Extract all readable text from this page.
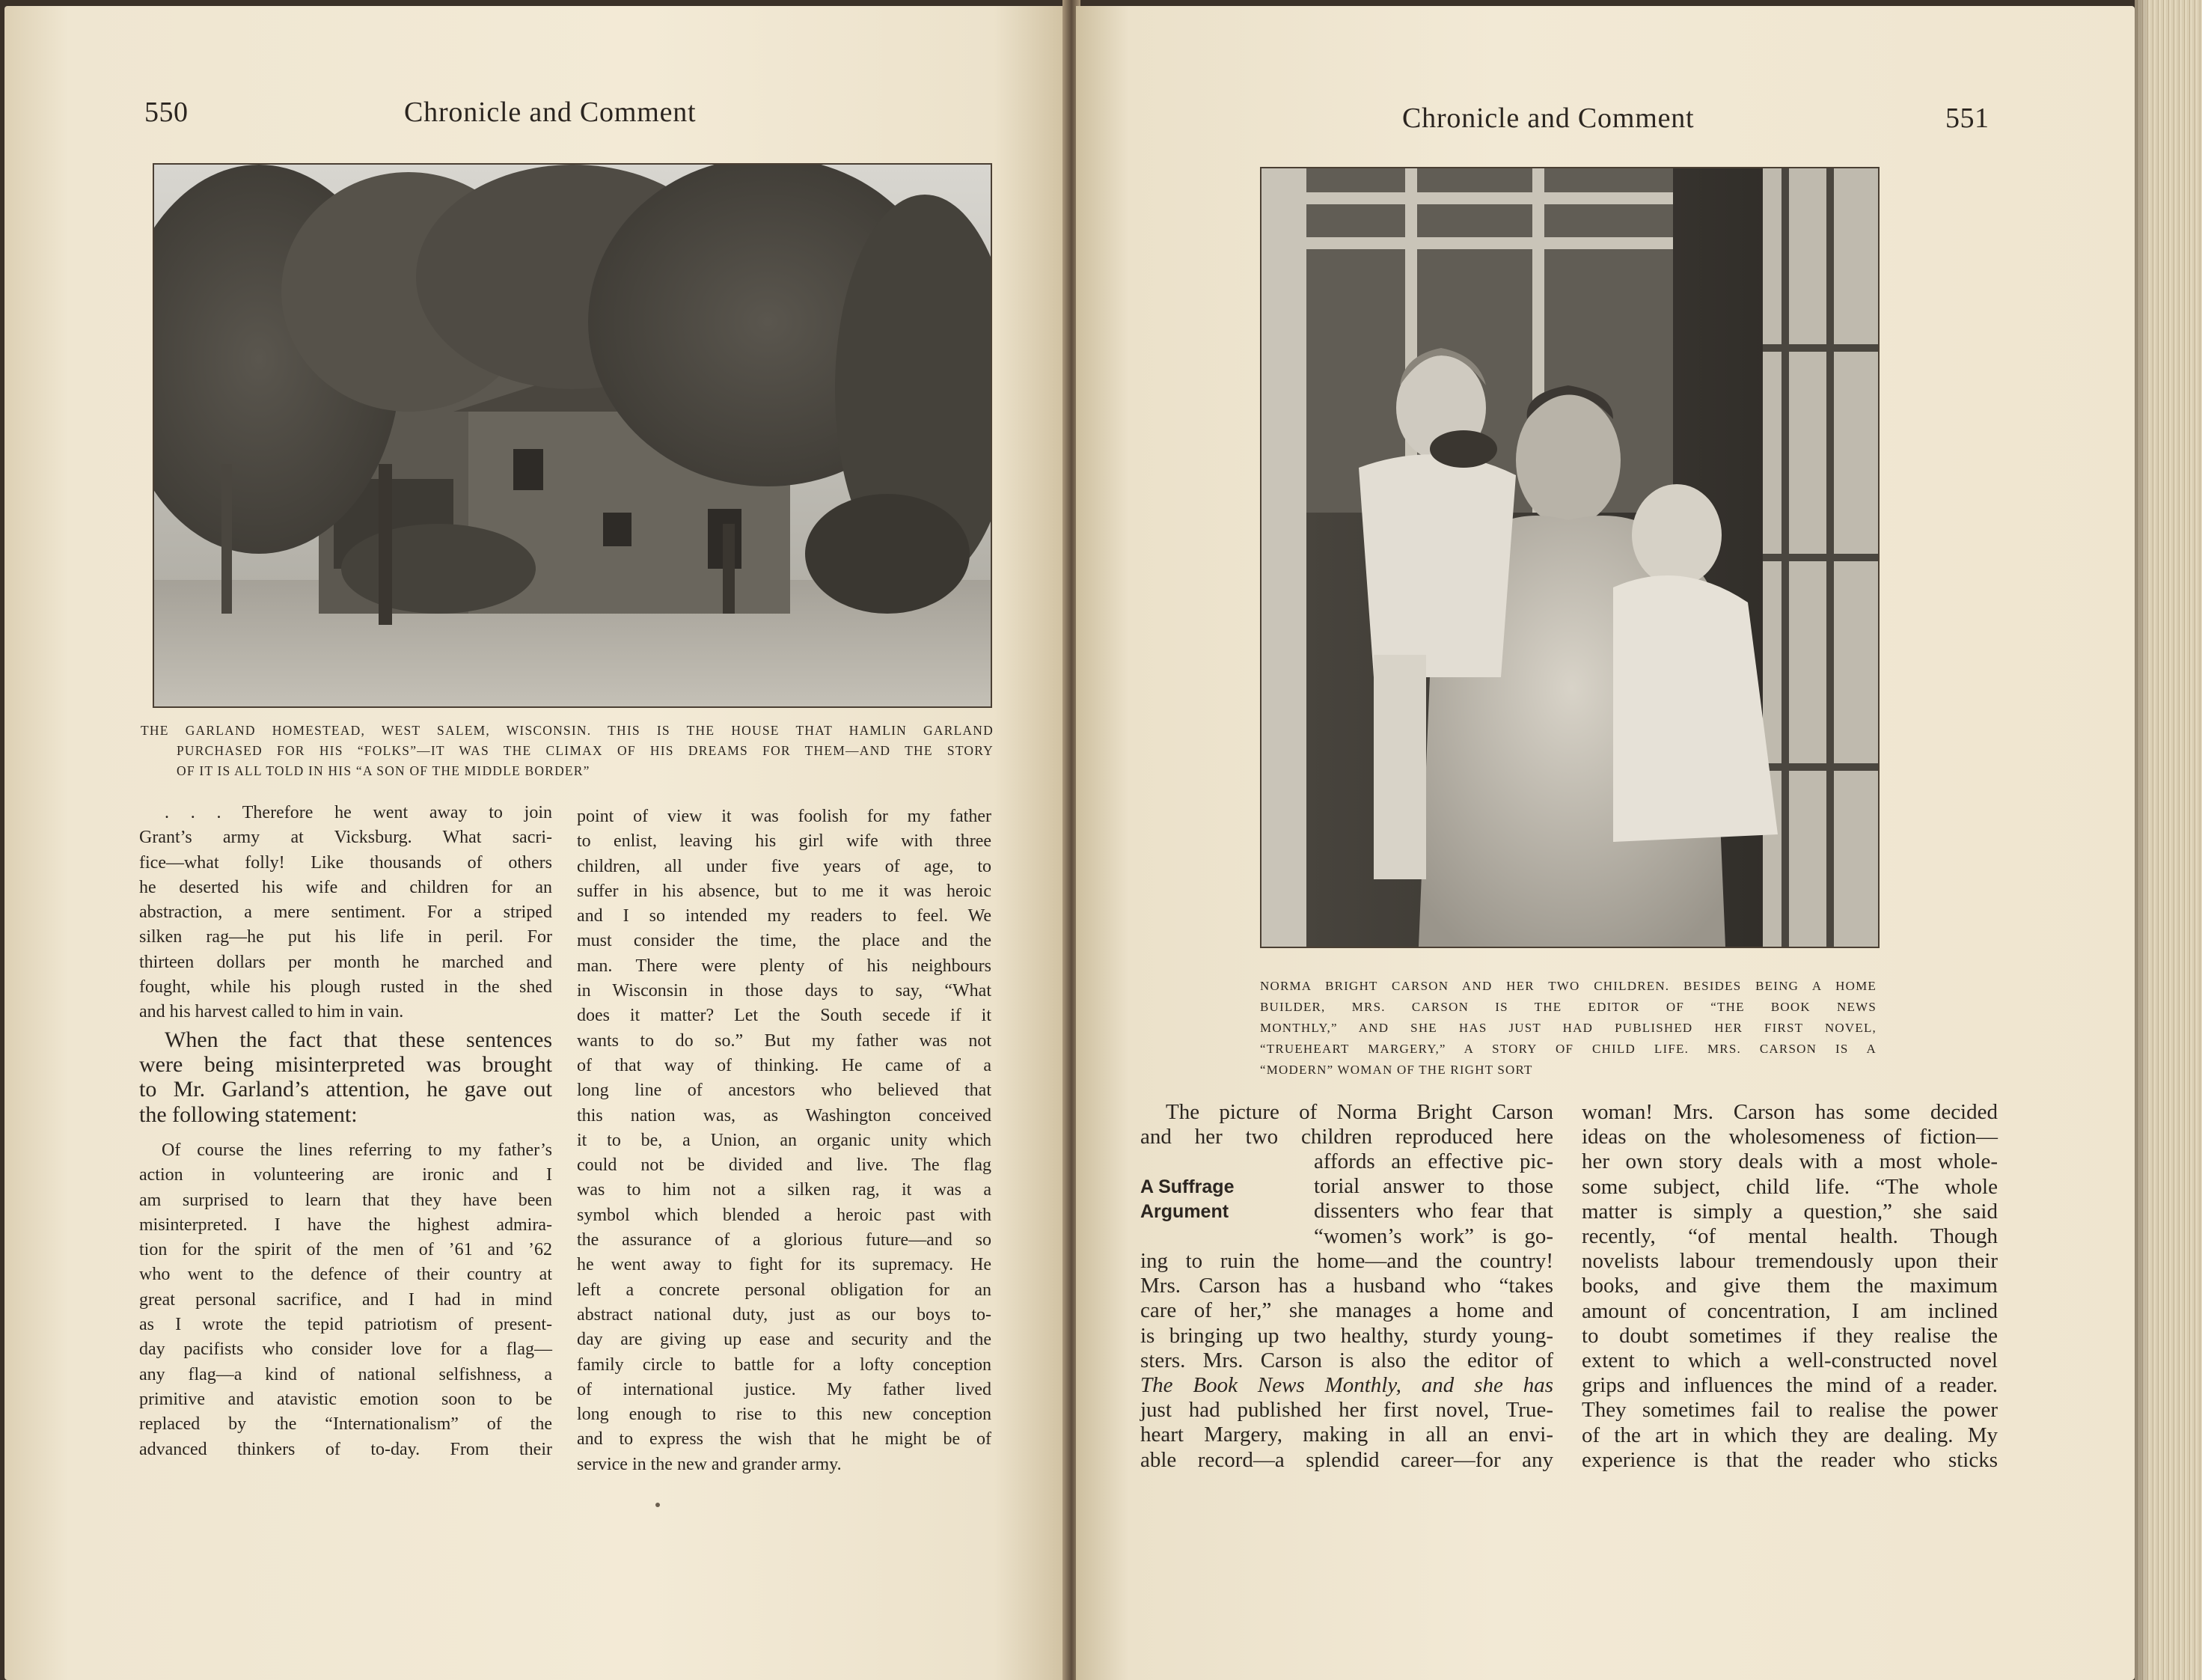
550	Chronicle and Comment
THE GARLAND HOMESTEAD, WEST SALEM, WISCONSIN. THIS IS THE HOUSE THAT HAMLIN GARLAND
PURCHASED FOR HIS “FOLKS”—IT WAS THE CLIMAX OF HIS DREAMS FOR THEM—AND THE STORY
OF IT IS ALL TOLD IN HIS “A SON OF THE MIDDLE BORDER”
. . . Therefore he went away to join
Grant’s army at Vicksburg. What sacri-
fice—what folly! Like thousands of others
he deserted his wife and children for an
abstraction, a mere sentiment. For a striped
silken rag—he put his life in peril. For
thirteen dollars per month he marched and
fought, while his plough rusted in the shed
and his harvest called to him in vain.
When the fact that these sentences
were being misinterpreted was brought
to Mr. Garland’s attention, he gave out
the following statement:
Of course the lines referring to my father’s
action in volunteering are ironic and I
am surprised to learn that they have been
misinterpreted. I have the highest admira-
tion for the spirit of the men of ’61 and ’62
who went to the defence of their country at
great personal sacrifice, and I had in mind
as I wrote the tepid patriotism of present-
day pacifists who consider love for a flag—
any flag—a kind of national selfishness, a
primitive and atavistic emotion soon to be
replaced by the “Internationalism” of the
advanced thinkers of to-day. From their
point of view it was foolish for my father
to enlist, leaving his girl wife with three
children, all under five years of age, to
suffer in his absence, but to me it was heroic
and I so intended my readers to feel. We
must consider the time, the place and the
man. There were plenty of his neighbours
in Wisconsin in those days to say, “What
does it matter? Let the South secede if it
wants to do so.” But my father was not
of that way of thinking. He came of a
long line of ancestors who believed that
this nation was, as Washington conceived
it to be, a Union, an organic unity which
could not be divided and live. The flag
was to him not a silken rag, it was a
symbol which blended a heroic past with
the assurance of a glorious future—and so
he went away to fight for its supremacy. He
left a concrete personal obligation for an
abstract national duty, just as our boys to-
day are giving up ease and security and the
family circle to battle for a lofty conception
of international justice. My father lived
long enough to rise to this new conception
and to express the wish that he might be of
service in the new and grander army.
Chronicle and Comment	551
NORMA BRIGHT CARSON AND HER TWO CHILDREN. BESIDES BEING A HOME
BUILDER, MRS. CARSON IS THE EDITOR OF “THE BOOK NEWS
MONTHLY,” AND SHE HAS JUST HAD PUBLISHED HER FIRST NOVEL,
“TRUEHEART MARGERY,” A STORY OF CHILD LIFE. MRS. CARSON IS A
“MODERN” WOMAN OF THE RIGHT SORT
The picture of Norma Bright Carson
and her two children reproduced here
A Suffrage
Argument
affords an effective pic-
torial answer to those
dissenters who fear that
“women’s work” is go-
ing to ruin the home—and the country!
Mrs. Carson has a husband who “takes
care of her,” she manages a home and
is bringing up two healthy, sturdy young-
sters. Mrs. Carson is also the editor of
The Book News Monthly, and she has
just had published her first novel, True-
heart Margery, making in all an envi-
able record—a splendid career—for any
woman! Mrs. Carson has some decided
ideas on the wholesomeness of fiction—
her own story deals with a most whole-
some subject, child life. “The whole
matter is simply a question,” she said
recently, “of mental health. Though
novelists labour tremendously upon their
books, and give them the maximum
amount of concentration, I am inclined
to doubt sometimes if they realise the
extent to which a well-constructed novel
grips and influences the mind of a reader.
They sometimes fail to realise the power
of the art in which they are dealing. My
experience is that the reader who sticks
